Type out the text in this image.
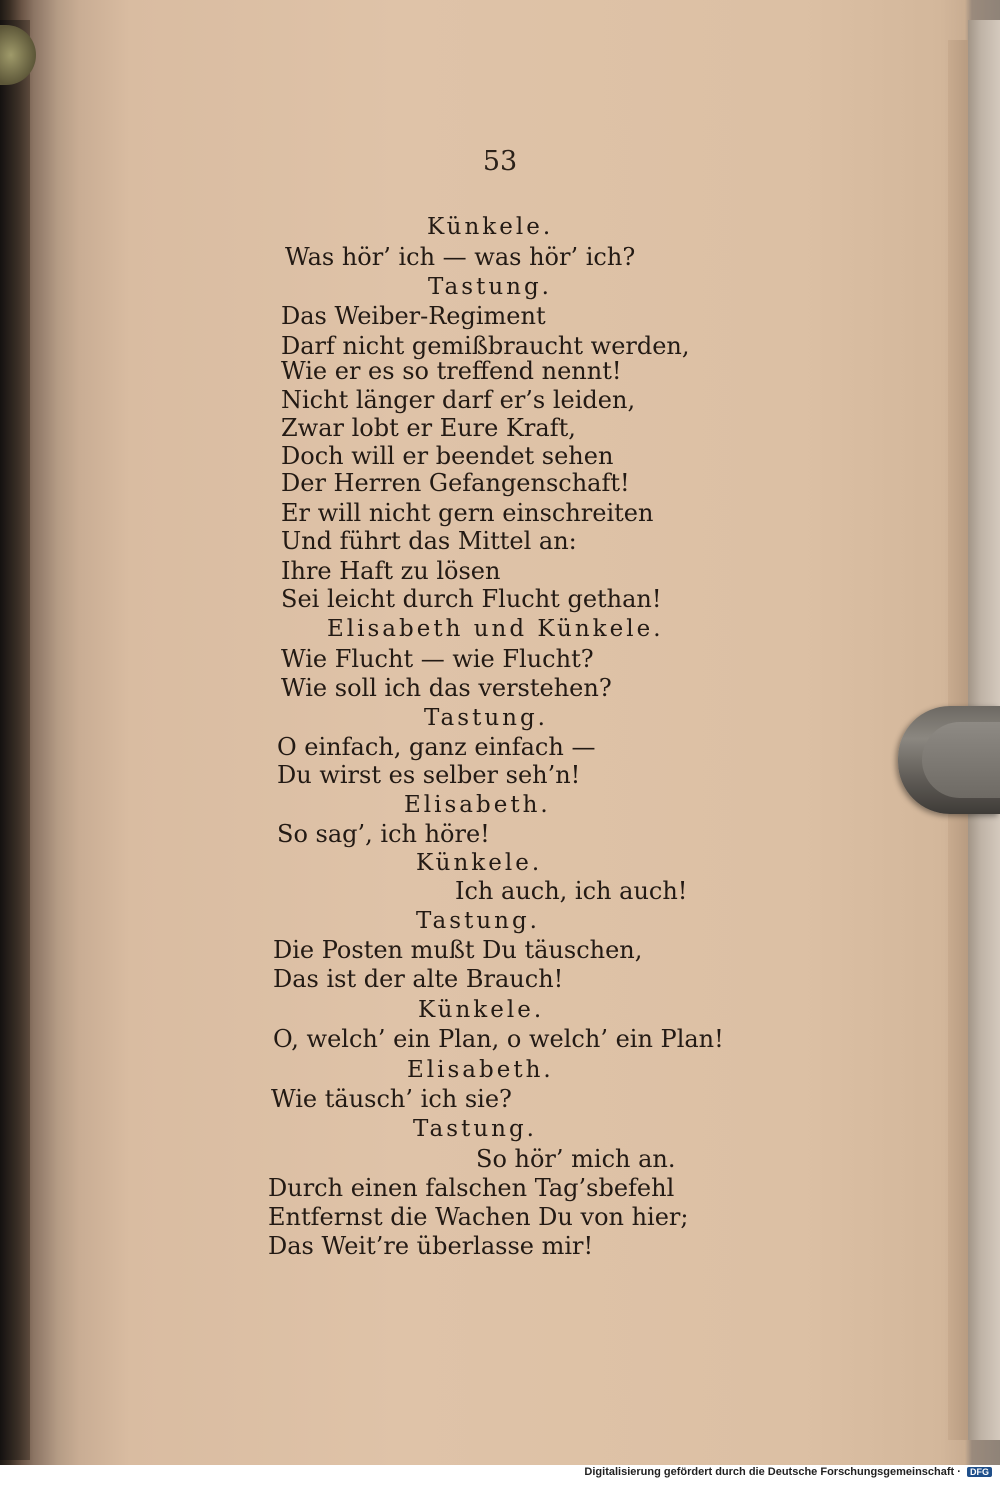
53
Künkele.
Was hör’ ich — was hör’ ich?
Tastung.
Das Weiber-Regiment
Darf nicht gemißbraucht werden,
Wie er es so treffend nennt!
Nicht länger darf er’s leiden,
Zwar lobt er Eure Kraft,
Doch will er beendet sehen
Der Herren Gefangenschaft!
Er will nicht gern einschreiten
Und führt das Mittel an:
Ihre Haft zu lösen
Sei leicht durch Flucht gethan!
Elisabeth und Künkele.
Wie Flucht — wie Flucht?
Wie soll ich das verstehen?
Tastung.
O einfach, ganz einfach —
Du wirst es selber seh’n!
Elisabeth.
So sag’, ich höre!
Künkele.
Ich auch, ich auch!
Tastung.
Die Posten mußt Du täuschen,
Das ist der alte Brauch!
Künkele.
O, welch’ ein Plan, o welch’ ein Plan!
Elisabeth.
Wie täusch’ ich sie?
Tastung.
So hör’ mich an.
Durch einen falschen Tag’sbefehl
Entfernst die Wachen Du von hier;
Das Weit’re überlasse mir!
Digitalisierung gefördert durch die Deutsche Forschungsgemeinschaft · DFG
